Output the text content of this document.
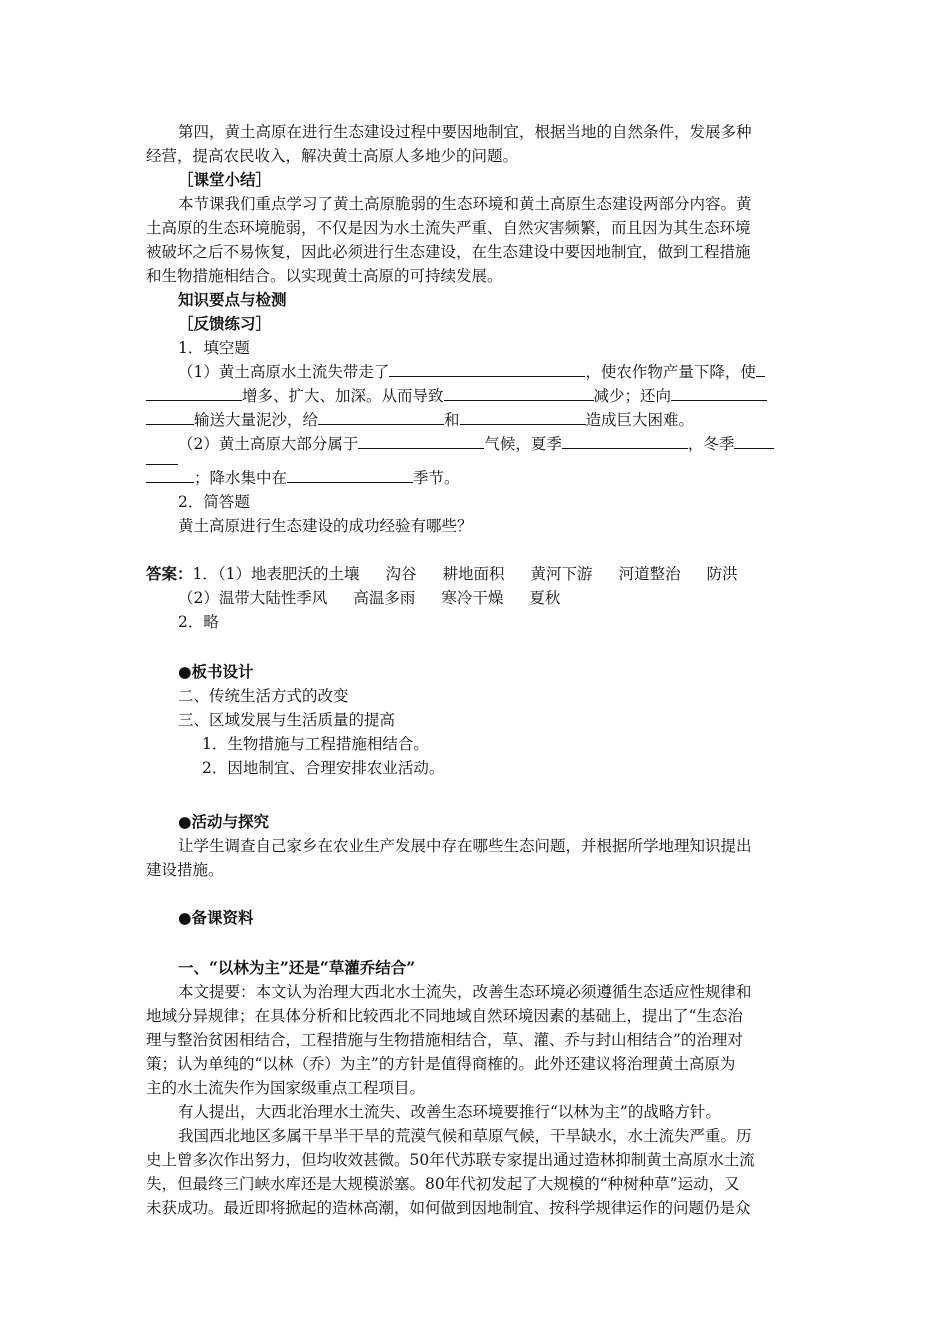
第四，黄土高原在进行生态建设过程中要因地制宜，根据当地的自然条件，发展多种
经营，提高农民收入，解决黄土高原人多地少的问题。
［课堂小结］
本节课我们重点学习了黄土高原脆弱的生态环境和黄土高原生态建设两部分内容。黄
土高原的生态环境脆弱，不仅是因为水土流失严重、自然灾害频繁，而且因为其生态环境
被破坏之后不易恢复，因此必须进行生态建设，在生态建设中要因地制宜，做到工程措施
和生物措施相结合。以实现黄土高原的可持续发展。
知识要点与检测
［反馈练习］
1．填空题
（1）黄土高原水土流失带走了	，使农作物产量下降，使
增多、扩大、加深。从而导致	减少；还向
输送大量泥沙，给	和	造成巨大困难。
（2）黄土高原大部分属于	气候，夏季	，冬季
；降水集中在	季节。
2．简答题
黄土高原进行生态建设的成功经验有哪些？
答案：1．（1）地表肥沃的土壤 沟谷 耕地面积 黄河下游 河道整治 防洪
（2）温带大陆性季风 高温多雨 寒冷干燥 夏秋
2．略
●板书设计
二、传统生活方式的改变
三、区域发展与生活质量的提高
1．生物措施与工程措施相结合。
2．因地制宜、合理安排农业活动。
●活动与探究
让学生调查自己家乡在农业生产发展中存在哪些生态问题，并根据所学地理知识提出
建设措施。
●备课资料
一、“以林为主”还是“草灌乔结合”
本文提要：本文认为治理大西北水土流失，改善生态环境必须遵循生态适应性规律和
地域分异规律；在具体分析和比较西北不同地域自然环境因素的基础上，提出了“生态治
理与整治贫困相结合，工程措施与生物措施相结合，草、灌、乔与封山相结合”的治理对
策；认为单纯的“以林（乔）为主”的方针是值得商榷的。此外还建议将治理黄土高原为
主的水土流失作为国家级重点工程项目。
有人提出，大西北治理水土流失、改善生态环境要推行“以林为主”的战略方针。
我国西北地区多属干旱半干旱的荒漠气候和草原气候，干旱缺水，水土流失严重。历
史上曾多次作出努力，但均收效甚微。50年代苏联专家提出通过造林抑制黄土高原水土流
失，但最终三门峡水库还是大规模淤塞。80年代初发起了大规模的“种树种草”运动，又
未获成功。最近即将掀起的造林高潮，如何做到因地制宜、按科学规律运作的问题仍是众
